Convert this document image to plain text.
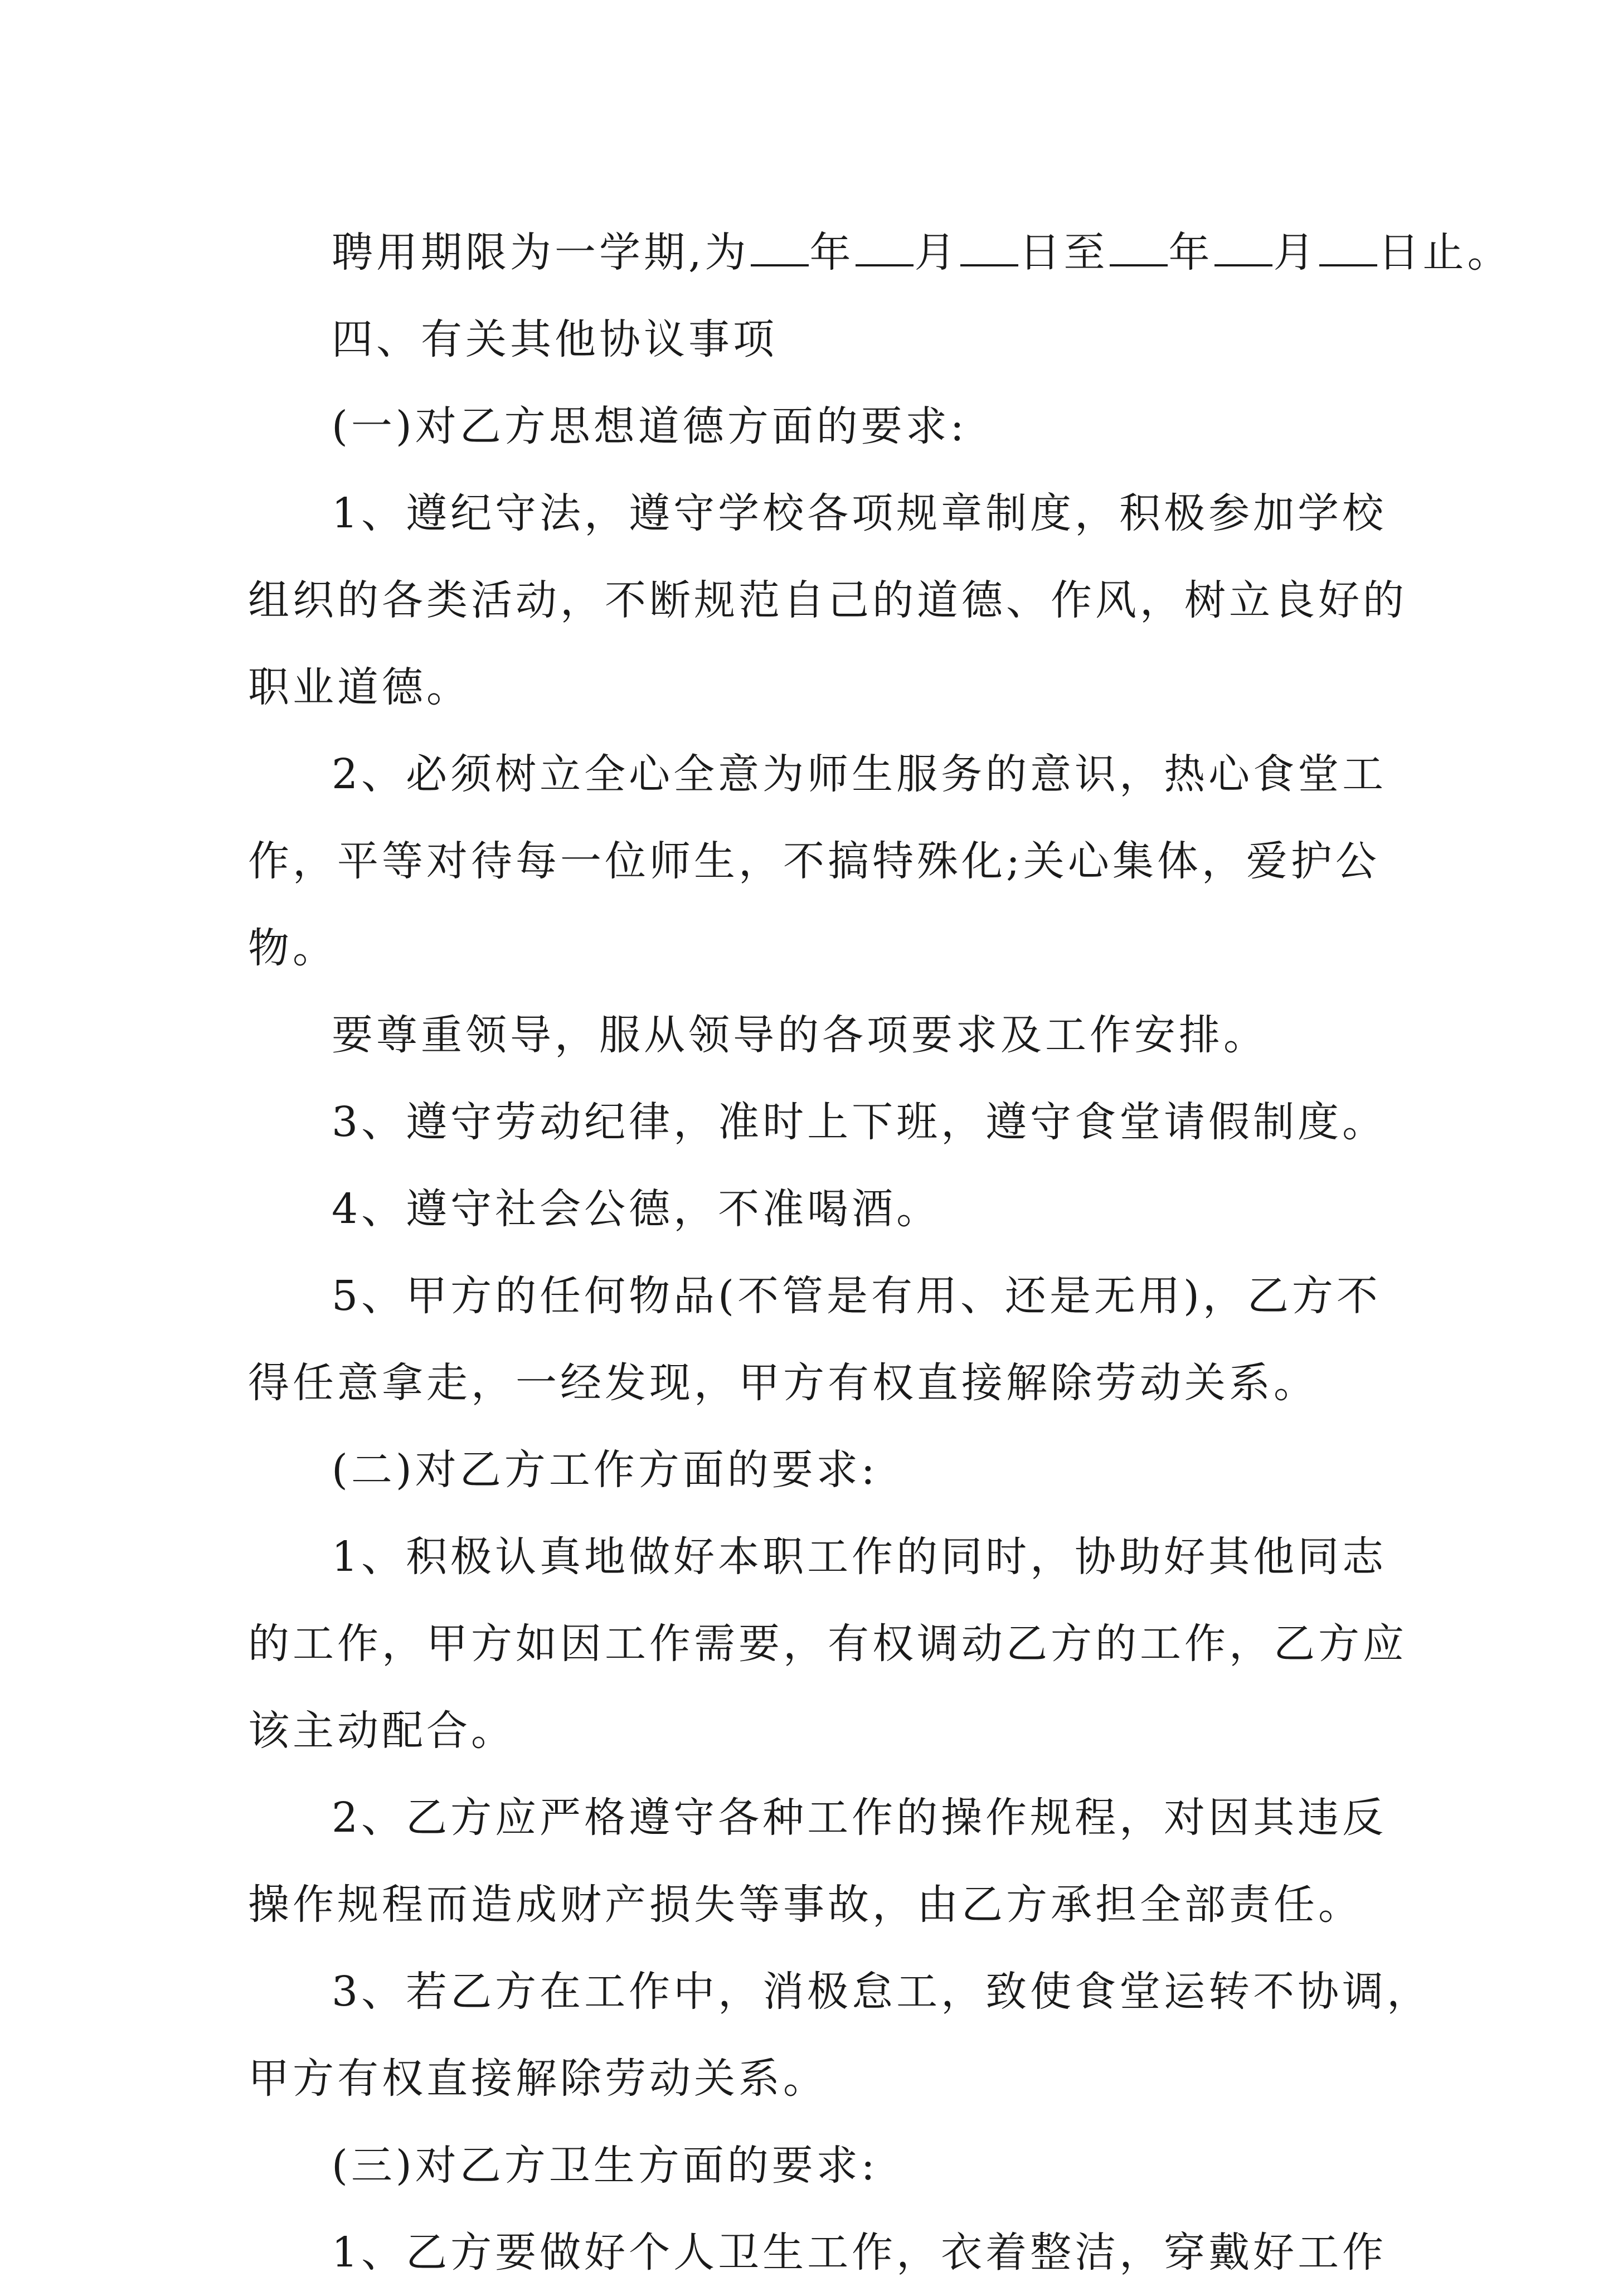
聘用期限为一学期,为 年 月 日至 年 月 日止。
四、有关其他协议事项
(一)对乙方思想道德方面的要求:
1、遵纪守法，遵守学校各项规章制度，积极参加学校
组织的各类活动，不断规范自己的道德、作风，树立良好的
职业道德。
2、必须树立全心全意为师生服务的意识，热心食堂工
作，平等对待每一位师生，不搞特殊化;关心集体，爱护公
物。
要尊重领导，服从领导的各项要求及工作安排。
3、遵守劳动纪律，准时上下班，遵守食堂请假制度。
4、遵守社会公德，不准喝酒。
5、甲方的任何物品(不管是有用、还是无用)，乙方不
得任意拿走，一经发现，甲方有权直接解除劳动关系。
(二)对乙方工作方面的要求:
1、积极认真地做好本职工作的同时，协助好其他同志
的工作，甲方如因工作需要，有权调动乙方的工作，乙方应
该主动配合。
2、乙方应严格遵守各种工作的操作规程，对因其违反
操作规程而造成财产损失等事故，由乙方承担全部责任。
3、若乙方在工作中，消极怠工，致使食堂运转不协调，
甲方有权直接解除劳动关系。
(三)对乙方卫生方面的要求:
1、乙方要做好个人卫生工作，衣着整洁，穿戴好工作
